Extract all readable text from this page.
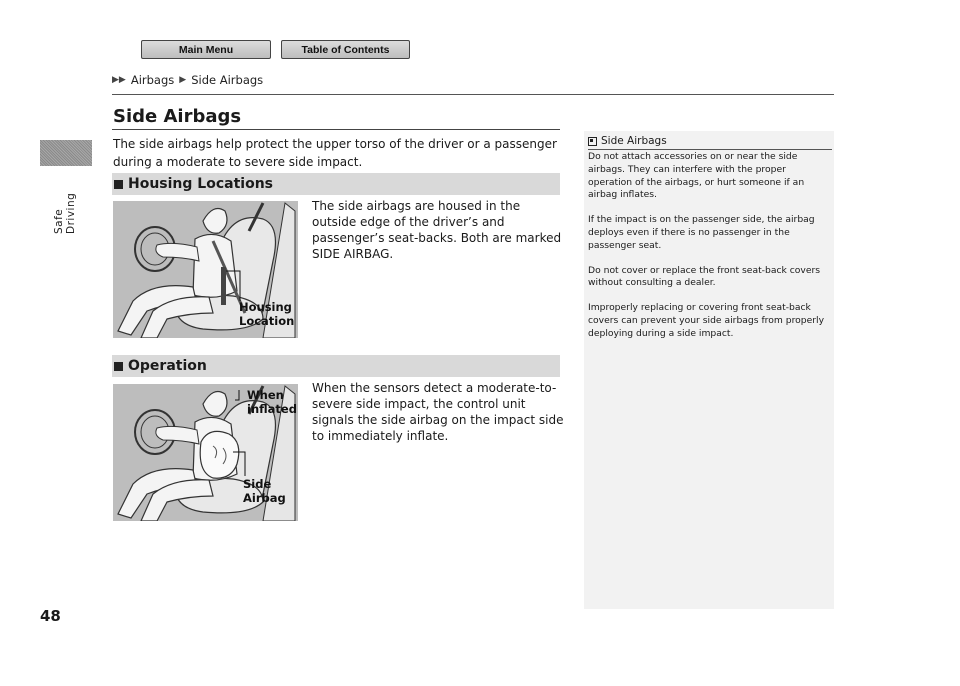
Safe Driving
48
Main Menu	Table of Contents
▶▶ Airbags ▶ Side Airbags
Side Airbags

The side airbags help protect the upper torso of the driver or a passenger during a moderate to severe side impact.

Housing Locations
Housing
Location

The side airbags are housed in the outside edge of the driver’s and passenger’s seat-backs. Both are marked SIDE AIRBAG.

Operation
When
inflated
Side
Airbag

When the sensors detect a moderate-to-severe side impact, the control unit signals the side airbag on the impact side to immediately inflate.

Side Airbags

Do not attach accessories on or near the side airbags. They can interfere with the proper operation of the airbags, or hurt someone if an airbag inflates.

If the impact is on the passenger side, the airbag deploys even if there is no passenger in the passenger seat.

Do not cover or replace the front seat-back covers without consulting a dealer.

Improperly replacing or covering front seat-back covers can prevent your side airbags from properly deploying during a side impact.
